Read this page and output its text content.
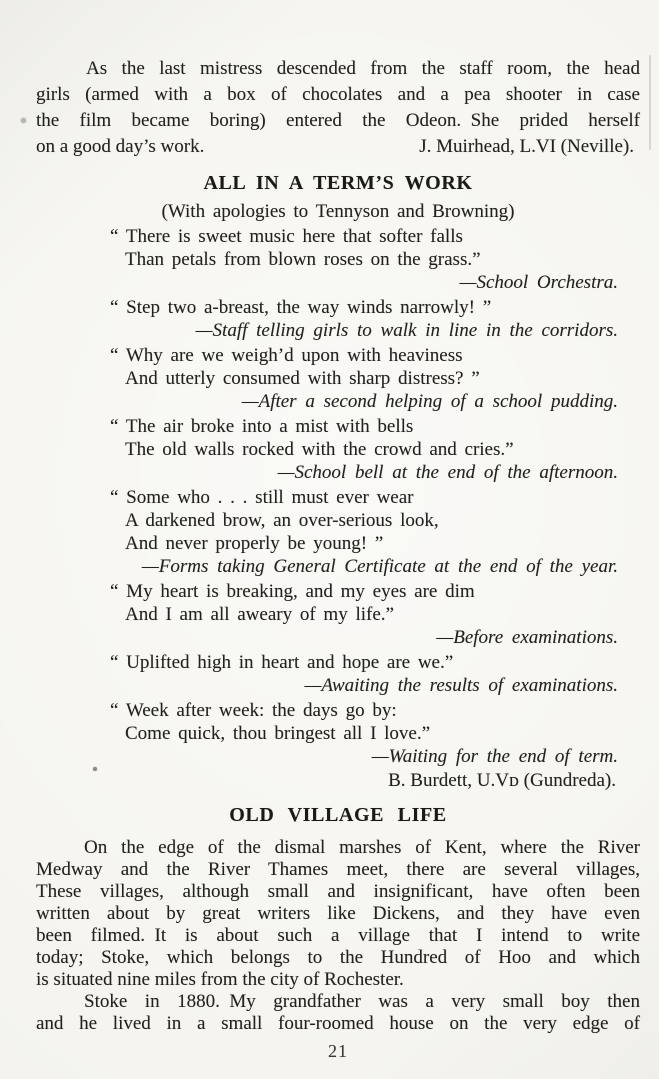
As the last mistress descended from the staff room, the head
girls (armed with a box of chocolates and a pea shooter in case
the film became boring) entered the Odeon. She prided herself
on a good day’s work.	J. Muirhead, L.VI (Neville).
ALL IN A TERM’S WORK
(With apologies to Tennyson and Browning)
“ There is sweet music here that softer falls
Than petals from blown roses on the grass.”
—School Orchestra.
“ Step two a-breast, the way winds narrowly! ”
—Staff telling girls to walk in line in the corridors.
“ Why are we weigh’d upon with heaviness
And utterly consumed with sharp distress? ”
—After a second helping of a school pudding.
“ The air broke into a mist with bells
The old walls rocked with the crowd and cries.”
—School bell at the end of the afternoon.
“ Some who . . . still must ever wear
A darkened brow, an over-serious look,
And never properly be young! ”
—Forms taking General Certificate at the end of the year.
“ My heart is breaking, and my eyes are dim
And I am all aweary of my life.”
—Before examinations.
“ Uplifted high in heart and hope are we.”
—Awaiting the results of examinations.
“ Week after week: the days go by:
Come quick, thou bringest all I love.”
—Waiting for the end of term.
B. Burdett, U.Vᴅ (Gundreda).
OLD VILLAGE LIFE
On the edge of the dismal marshes of Kent, where the River
Medway and the River Thames meet, there are several villages,
These villages, although small and insignificant, have often been
written about by great writers like Dickens, and they have even
been filmed. It is about such a village that I intend to write
today; Stoke, which belongs to the Hundred of Hoo and which
is situated nine miles from the city of Rochester.
Stoke in 1880. My grandfather was a very small boy then
and he lived in a small four-roomed house on the very edge of
21
